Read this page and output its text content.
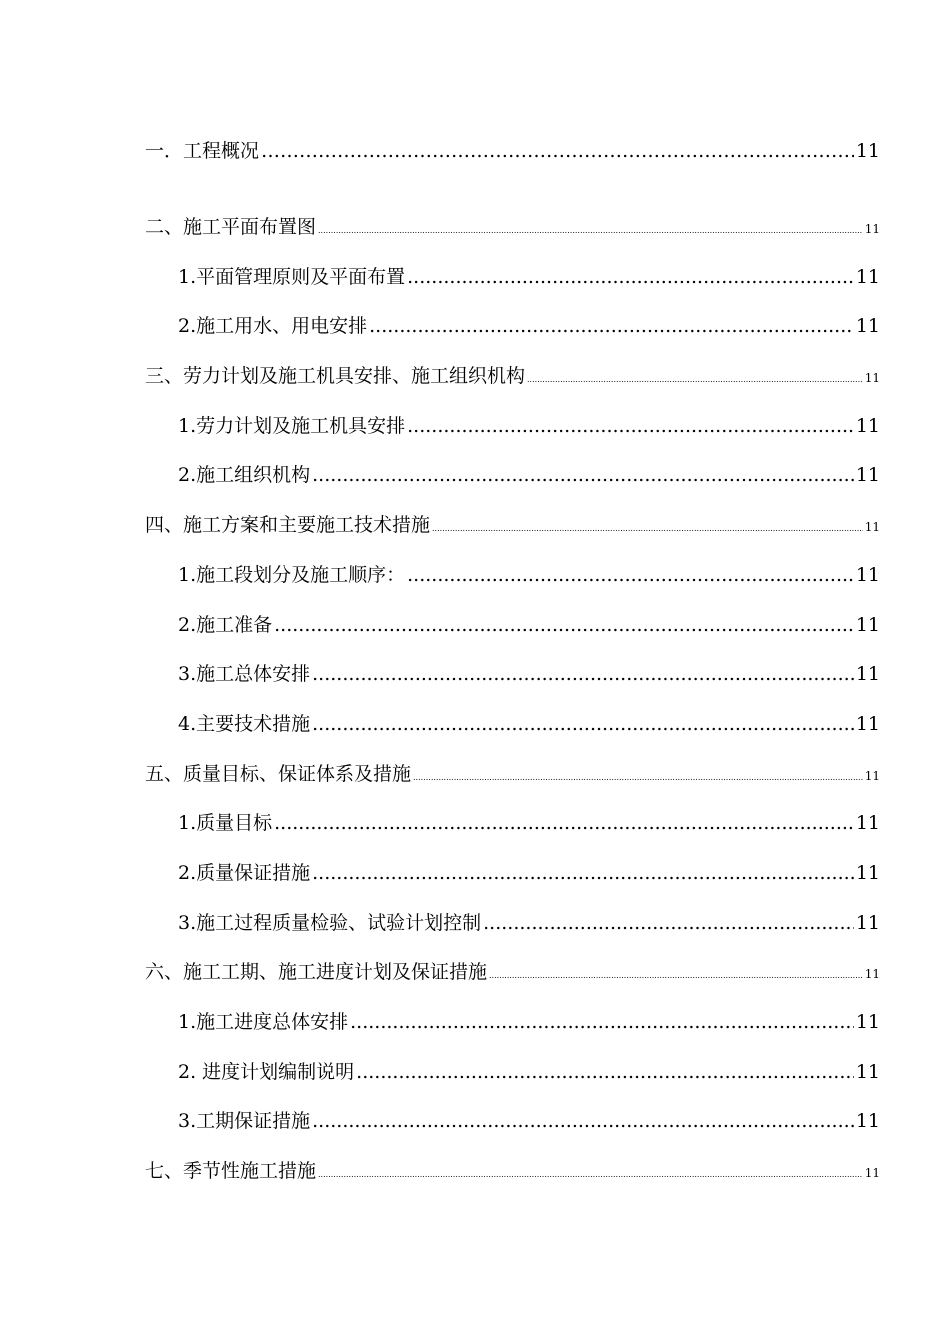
一．工程概况 …………………………………………………………………………………………………………………………………………………………	11
二、施工平面布置图 .....	11
1.平面管理原则及平面布置 .....	11
2.施工用水、用电安排 .....	11
三、劳力计划及施工机具安排、施工组织机构 .....	11
1.劳力计划及施工机具安排 .....	11
2.施工组织机构 .....	11
四、施工方案和主要施工技术措施 .....	11
1.施工段划分及施工顺序： .....	11
2.施工准备 .....	11
3.施工总体安排 .....	11
4.主要技术措施 .....	11
五、质量目标、保证体系及措施 .....	11
1.质量目标 .....	11
2.质量保证措施 .....	11
3.施工过程质量检验、试验计划控制 .....	11
六、施工工期、施工进度计划及保证措施 .....	11
1.施工进度总体安排 .....	11
2. 进度计划编制说明 .....	11
3.工期保证措施 .....	11
七、季节性施工措施 .....	11
